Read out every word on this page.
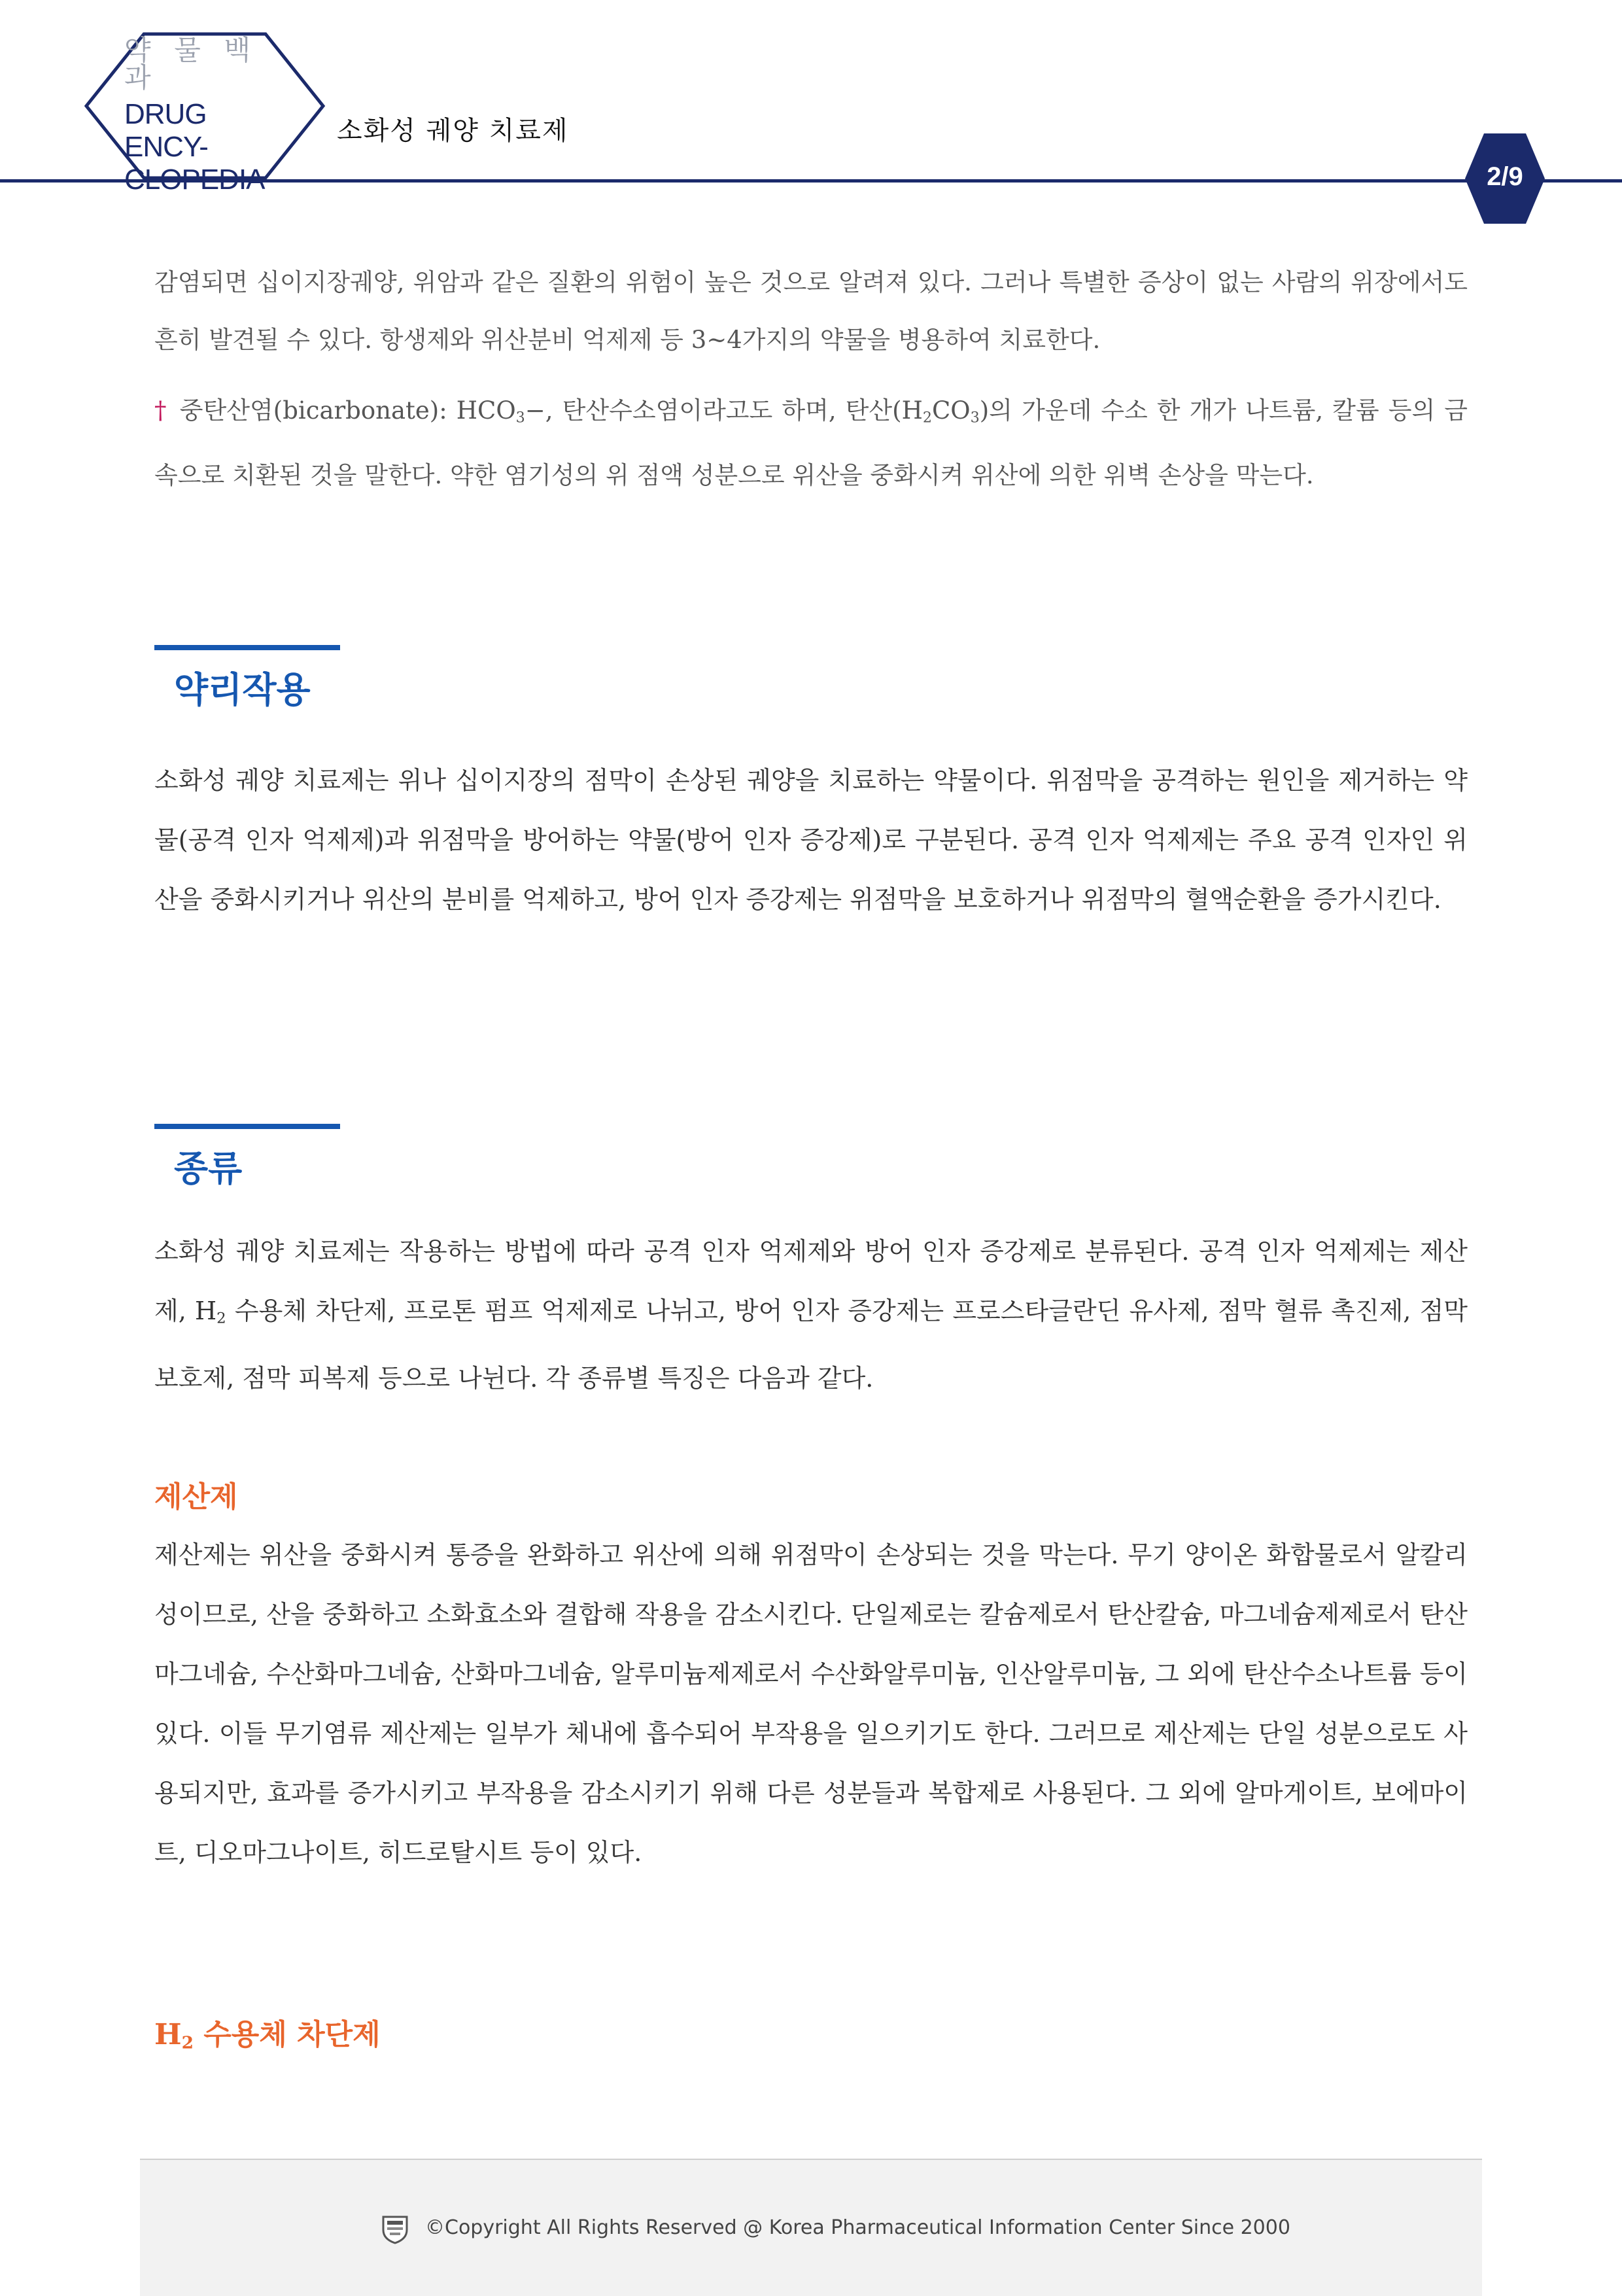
약 물 백 과
DRUG ENCY-
CLOPEDIA
소화성 궤양 치료제
2/9

감염되면 십이지장궤양, 위암과 같은 질환의 위험이 높은 것으로 알려져 있다. 그러나 특별한 증상이 없는 사람의 위장에서도 흔히 발견될 수 있다. 항생제와 위산분비 억제제 등 3~4가지의 약물을 병용하여 치료한다.

† 중탄산염(bicarbonate): $HCO_3-$, 탄산수소염이라고도 하며, 탄산$(H_2CO_3)$의 가운데 수소 한 개가 나트륨, 칼륨 등의 금속으로 치환된 것을 말한다. 약한 염기성의 위 점액 성분으로 위산을 중화시켜 위산에 의한 위벽 손상을 막는다.

약리작용

소화성 궤양 치료제는 위나 십이지장의 점막이 손상된 궤양을 치료하는 약물이다. 위점막을 공격하는 원인을 제거하는 약물(공격 인자 억제제)과 위점막을 방어하는 약물(방어 인자 증강제)로 구분된다. 공격 인자 억제제는 주요 공격 인자인 위산을 중화시키거나 위산의 분비를 억제하고, 방어 인자 증강제는 위점막을 보호하거나 위점막의 혈액순환을 증가시킨다.

종류

소화성 궤양 치료제는 작용하는 방법에 따라 공격 인자 억제제와 방어 인자 증강제로 분류된다. 공격 인자 억제제는 제산제, $H_2$ 수용체 차단제, 프로톤 펌프 억제제로 나뉘고, 방어 인자 증강제는 프로스타글란딘 유사제, 점막 혈류 촉진제, 점막 보호제, 점막 피복제 등으로 나뉜다. 각 종류별 특징은 다음과 같다.

제산제

제산제는 위산을 중화시켜 통증을 완화하고 위산에 의해 위점막이 손상되는 것을 막는다. 무기 양이온 화합물로서 알칼리성이므로, 산을 중화하고 소화효소와 결합해 작용을 감소시킨다. 단일제로는 칼슘제로서 탄산칼슘, 마그네슘제제로서 탄산마그네슘, 수산화마그네슘, 산화마그네슘, 알루미늄제제로서 수산화알루미늄, 인산알루미늄, 그 외에 탄산수소나트륨 등이 있다. 이들 무기염류 제산제는 일부가 체내에 흡수되어 부작용을 일으키기도 한다. 그러므로 제산제는 단일 성분으로도 사용되지만, 효과를 증가시키고 부작용을 감소시키기 위해 다른 성분들과 복합제로 사용된다. 그 외에 알마게이트, 보에마이트, 디오마그나이트, 히드로탈시트 등이 있다.

$H_2$ 수용체 차단제
©Copyright All Rights Reserved @ Korea Pharmaceutical Information Center Since 2000
